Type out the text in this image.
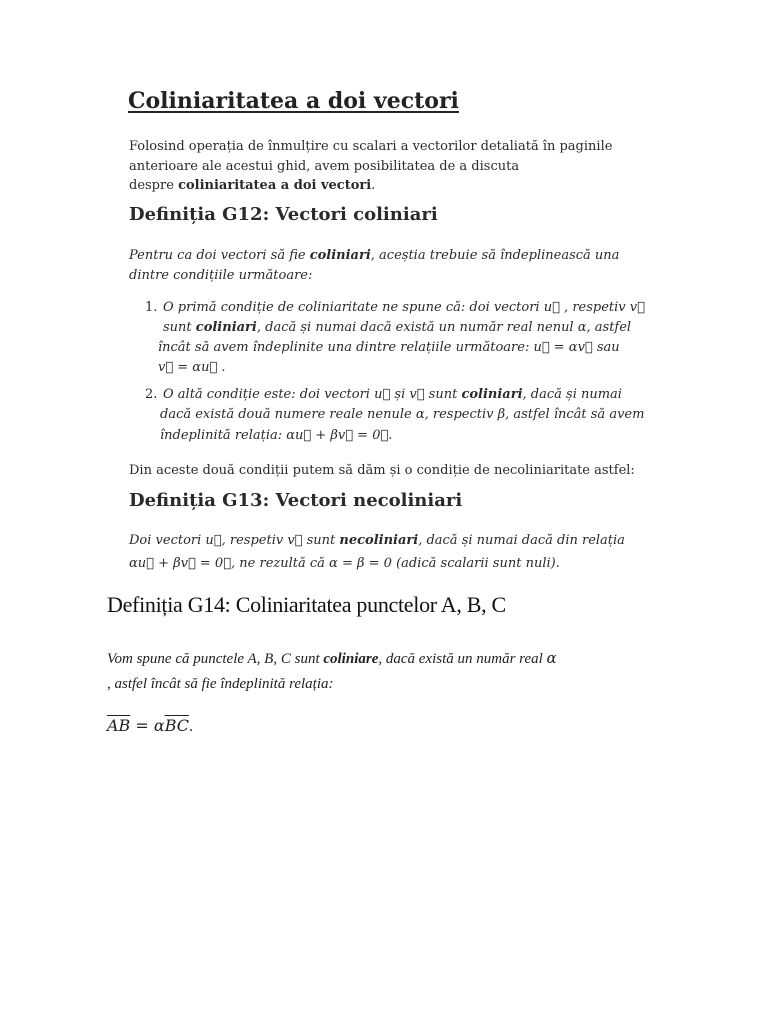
Coliniaritatea a doi vectori
Folosind operația de înmulțire cu scalari a vectorilor detaliată în paginile
anterioare ale acestui ghid, avem posibilitatea de a discuta
despre coliniaritatea a doi vectori.
Definiția G12: Vectori coliniari
Pentru ca doi vectori să fie coliniari, aceștia trebuie să îndeplinească una
dintre condițiile următoare:
1. O primă condiție de coliniaritate ne spune că: doi vectori u⃗ , respetiv v⃗
sunt coliniari, dacă și numai dacă există un număr real nenul α, astfel
încât să avem îndeplinite una dintre relațiile următoare: u⃗ = αv⃗ sau
v⃗ = αu⃗ .
2. O altă condiție este: doi vectori u⃗ și v⃗ sunt coliniari, dacă și numai
dacă există două numere reale nenule α, respectiv β, astfel încât să avem
îndeplinită relația: αu⃗ + βv⃗ = 0⃗.
Din aceste două condiții putem să dăm și o condiție de necoliniaritate astfel:
Definiția G13: Vectori necoliniari
Doi vectori u⃗, respetiv v⃗ sunt necoliniari, dacă și numai dacă din relația
αu⃗ + βv⃗ = 0⃗, ne rezultă că α = β = 0 (adică scalarii sunt nuli).
Definiția G14: Coliniaritatea punctelor A, B, C
Vom spune că punctele A, B, C sunt coliniare, dacă există un număr real α
, astfel încât să fie îndeplinită relația:
$\overline{AB} = \alpha\overline{BC}$.
